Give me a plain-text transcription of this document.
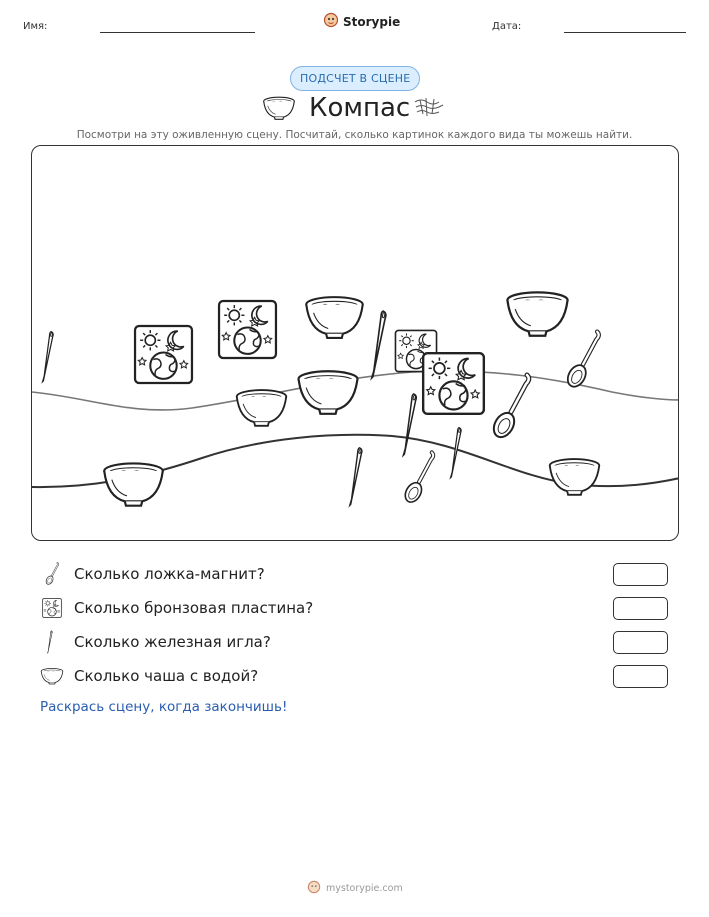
Имя:	Storypie	Дата:
ПОДСЧЕТ В СЦЕНЕ
Компас
Посмотри на эту оживленную сцену. Посчитай, сколько картинок каждого вида ты можешь найти.
Сколько ложка-магнит?
Сколько бронзовая пластина?
Сколько железная игла?
Сколько чаша с водой?
Раскрась сцену, когда закончишь!
mystorypie.com
